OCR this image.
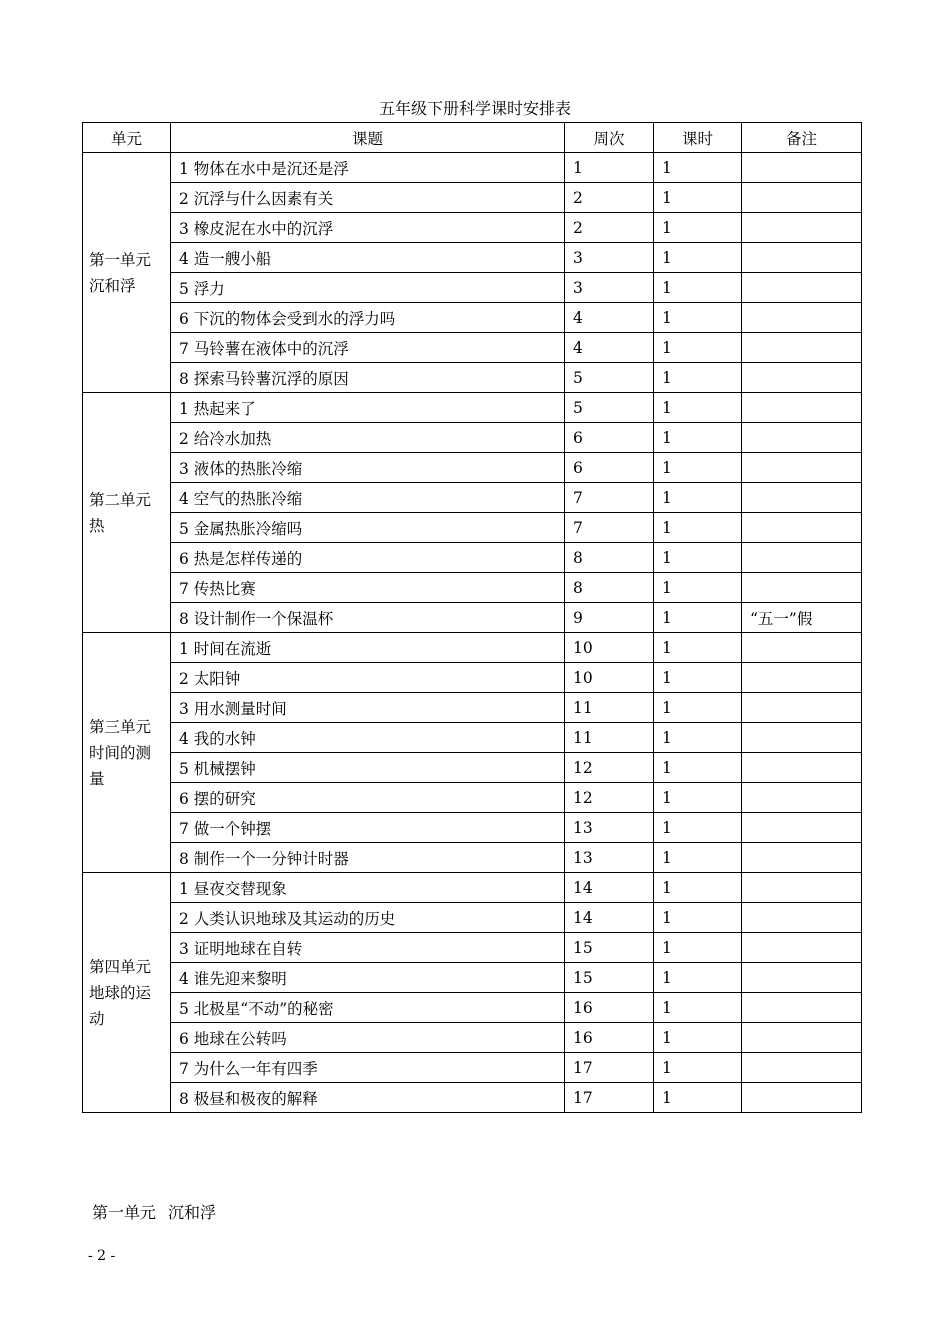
五年级下册科学课时安排表
单元	课题	周次	课时	备注

第一单元
沉和浮	1 物体在水中是沉还是浮	1	1	
	2 沉浮与什么因素有关	2	1	
	3 橡皮泥在水中的沉浮	2	1	
	4 造一艘小船	3	1	
	5 浮力	3	1	
	6 下沉的物体会受到水的浮力吗	4	1	
	7 马铃薯在液体中的沉浮	4	1	
	8 探索马铃薯沉浮的原因	5	1	

第二单元
热	1 热起来了	5	1	
	2 给冷水加热	6	1	
	3 液体的热胀冷缩	6	1	
	4 空气的热胀冷缩	7	1	
	5 金属热胀冷缩吗	7	1	
	6 热是怎样传递的	8	1	
	7 传热比赛	8	1	
	8 设计制作一个保温杯	9	1	“五一”假

第三单元
时间的测
量	1 时间在流逝	10	1	
	2 太阳钟	10	1	
	3 用水测量时间	11	1	
	4 我的水钟	11	1	
	5 机械摆钟	12	1	
	6 摆的研究	12	1	
	7 做一个钟摆	13	1	
	8 制作一个一分钟计时器	13	1	

第四单元
地球的运
动	1 昼夜交替现象	14	1	
	2 人类认识地球及其运动的历史	14	1	
	3 证明地球在自转	15	1	
	4 谁先迎来黎明	15	1	
	5 北极星“不动”的秘密	16	1	
	6 地球在公转吗	16	1	
	7 为什么一年有四季	17	1	
	8 极昼和极夜的解释	17	1	
第一单元 沉和浮
- 2 -
